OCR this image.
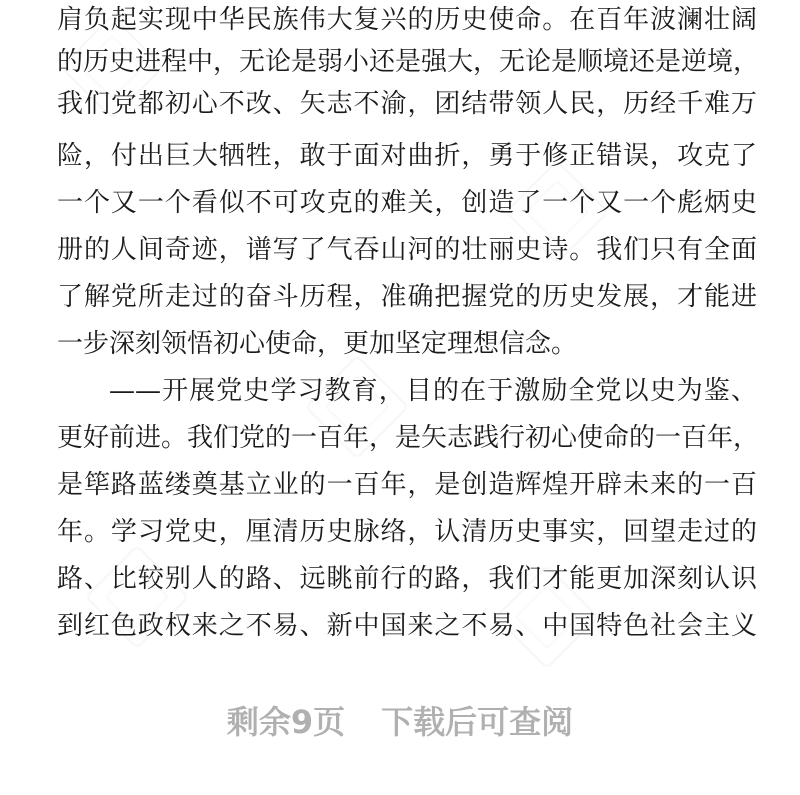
肩负起实现中华民族伟大复兴的历史使命。在百年波澜壮阔
的历史进程中，无论是弱小还是强大，无论是顺境还是逆境，
我们党都初心不改、矢志不渝，团结带领人民，历经千难万
险，付出巨大牺牲，敢于面对曲折，勇于修正错误，攻克了
一个又一个看似不可攻克的难关，创造了一个又一个彪炳史
册的人间奇迹，谱写了气吞山河的壮丽史诗。我们只有全面
了解党所走过的奋斗历程，准确把握党的历史发展，才能进
一步深刻领悟初心使命，更加坚定理想信念。
——开展党史学习教育，目的在于激励全党以史为鉴、
更好前进。我们党的一百年，是矢志践行初心使命的一百年，
是筚路蓝缕奠基立业的一百年，是创造辉煌开辟未来的一百
年。学习党史，厘清历史脉络，认清历史事实，回望走过的
路、比较别人的路、远眺前行的路，我们才能更加深刻认识
到红色政权来之不易、新中国来之不易、中国特色社会主义
剩余9页 下载后可查阅
